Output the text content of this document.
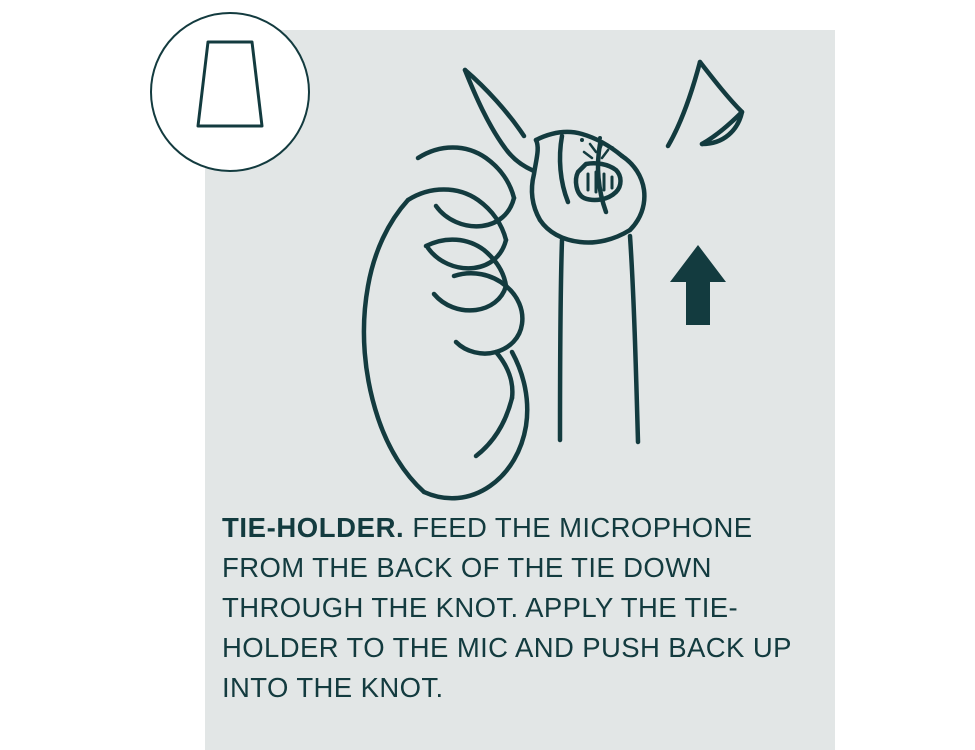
TIE-HOLDER. FEED THE MICROPHONE FROM THE BACK OF THE TIE DOWN THROUGH THE KNOT. APPLY THE TIE-HOLDER TO THE MIC AND PUSH BACK UP INTO THE KNOT.
